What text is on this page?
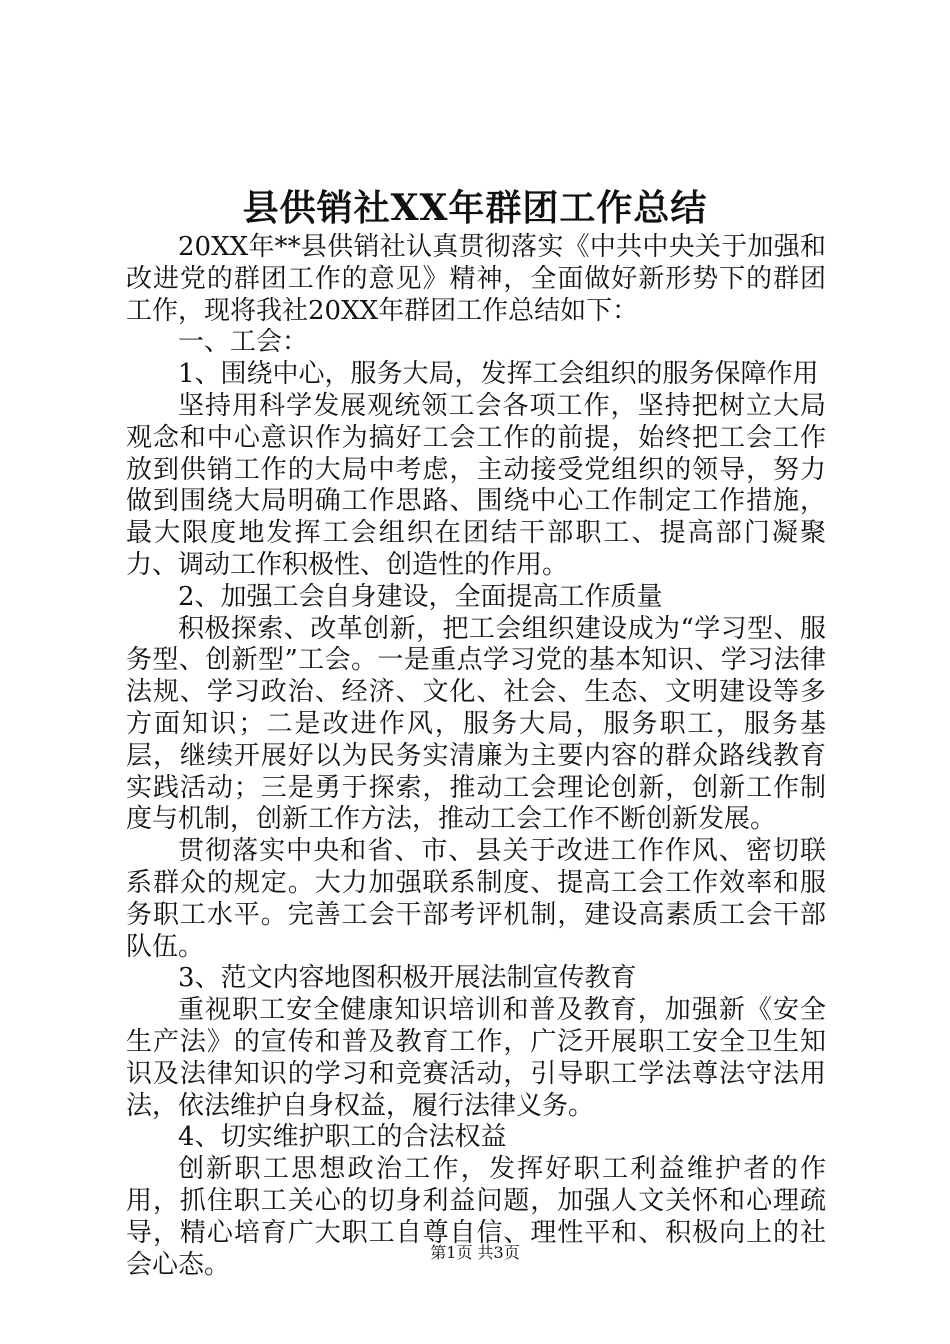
县供销社XX年群团工作总结

20XX年**县供销社认真贯彻落实《中共中央关于加强和改进党的群团工作的意见》精神，全面做好新形势下的群团工作，现将我社20XX年群团工作总结如下：

一、工会：

1、围绕中心，服务大局，发挥工会组织的服务保障作用

坚持用科学发展观统领工会各项工作，坚持把树立大局观念和中心意识作为搞好工会工作的前提，始终把工会工作放到供销工作的大局中考虑，主动接受党组织的领导，努力做到围绕大局明确工作思路、围绕中心工作制定工作措施，最大限度地发挥工会组织在团结干部职工、提高部门凝聚力、调动工作积极性、创造性的作用。

2、加强工会自身建设，全面提高工作质量

积极探索、改革创新，把工会组织建设成为“学习型、服务型、创新型”工会。一是重点学习党的基本知识、学习法律法规、学习政治、经济、文化、社会、生态、文明建设等多方面知识；二是改进作风，服务大局，服务职工，服务基层，继续开展好以为民务实清廉为主要内容的群众路线教育实践活动；三是勇于探索，推动工会理论创新，创新工作制度与机制，创新工作方法，推动工会工作不断创新发展。

贯彻落实中央和省、市、县关于改进工作作风、密切联系群众的规定。大力加强联系制度、提高工会工作效率和服务职工水平。完善工会干部考评机制，建设高素质工会干部队伍。

3、范文内容地图积极开展法制宣传教育

重视职工安全健康知识培训和普及教育，加强新《安全生产法》的宣传和普及教育工作，广泛开展职工安全卫生知识及法律知识的学习和竞赛活动，引导职工学法尊法守法用法，依法维护自身权益，履行法律义务。

4、切实维护职工的合法权益

创新职工思想政治工作，发挥好职工利益维护者的作用，抓住职工关心的切身利益问题，加强人文关怀和心理疏导，精心培育广大职工自尊自信、理性平和、积极向上的社会心态。	第1页 共3页
